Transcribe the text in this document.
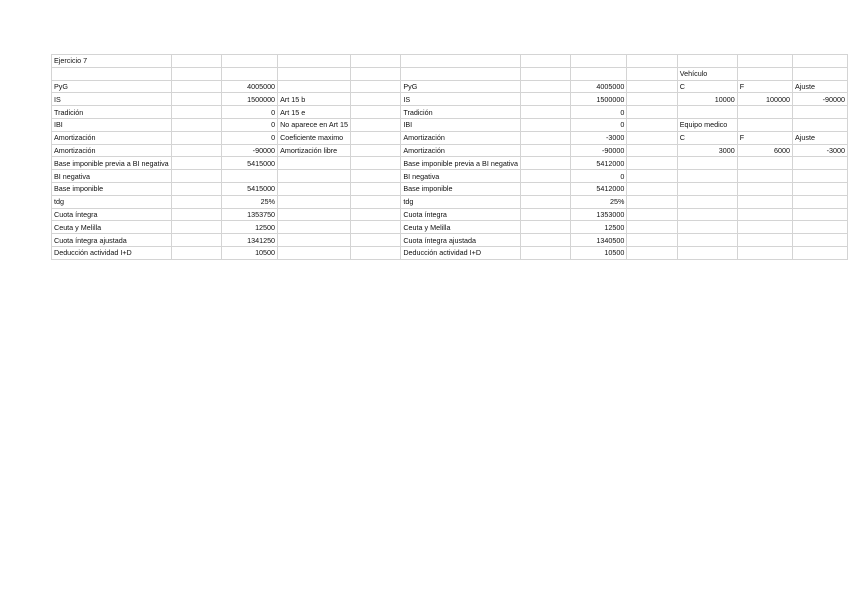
Ejercicio 7											
									Vehículo		
PyG		4005000			PyG		4005000		C	F	Ajuste
IS		1500000	Art 15 b		IS		1500000		10000	100000	-90000
Tradición		0	Art 15 e		Tradición		0				
IBI		0	No aparece en Art 15		IBI		0		Equipo medico		
Amortización		0	Coeficiente maximo		Amortización		-3000		C	F	Ajuste
Amortización		-90000	Amortización libre		Amortización		-90000		3000	6000	-3000
Base imponible previa a BI negativa		5415000			Base imponible previa a BI negativa		5412000				
BI negativa					BI negativa		0				
Base imponible		5415000			Base imponible		5412000				
tdg		25%			tdg		25%				
Cuota íntegra		1353750			Cuota íntegra		1353000				
Ceuta y Melilla		12500			Ceuta y Melilla		12500				
Cuota íntegra ajustada		1341250			Cuota íntegra ajustada		1340500				
Deducción actividad I+D		10500			Deducción actividad I+D		10500				
